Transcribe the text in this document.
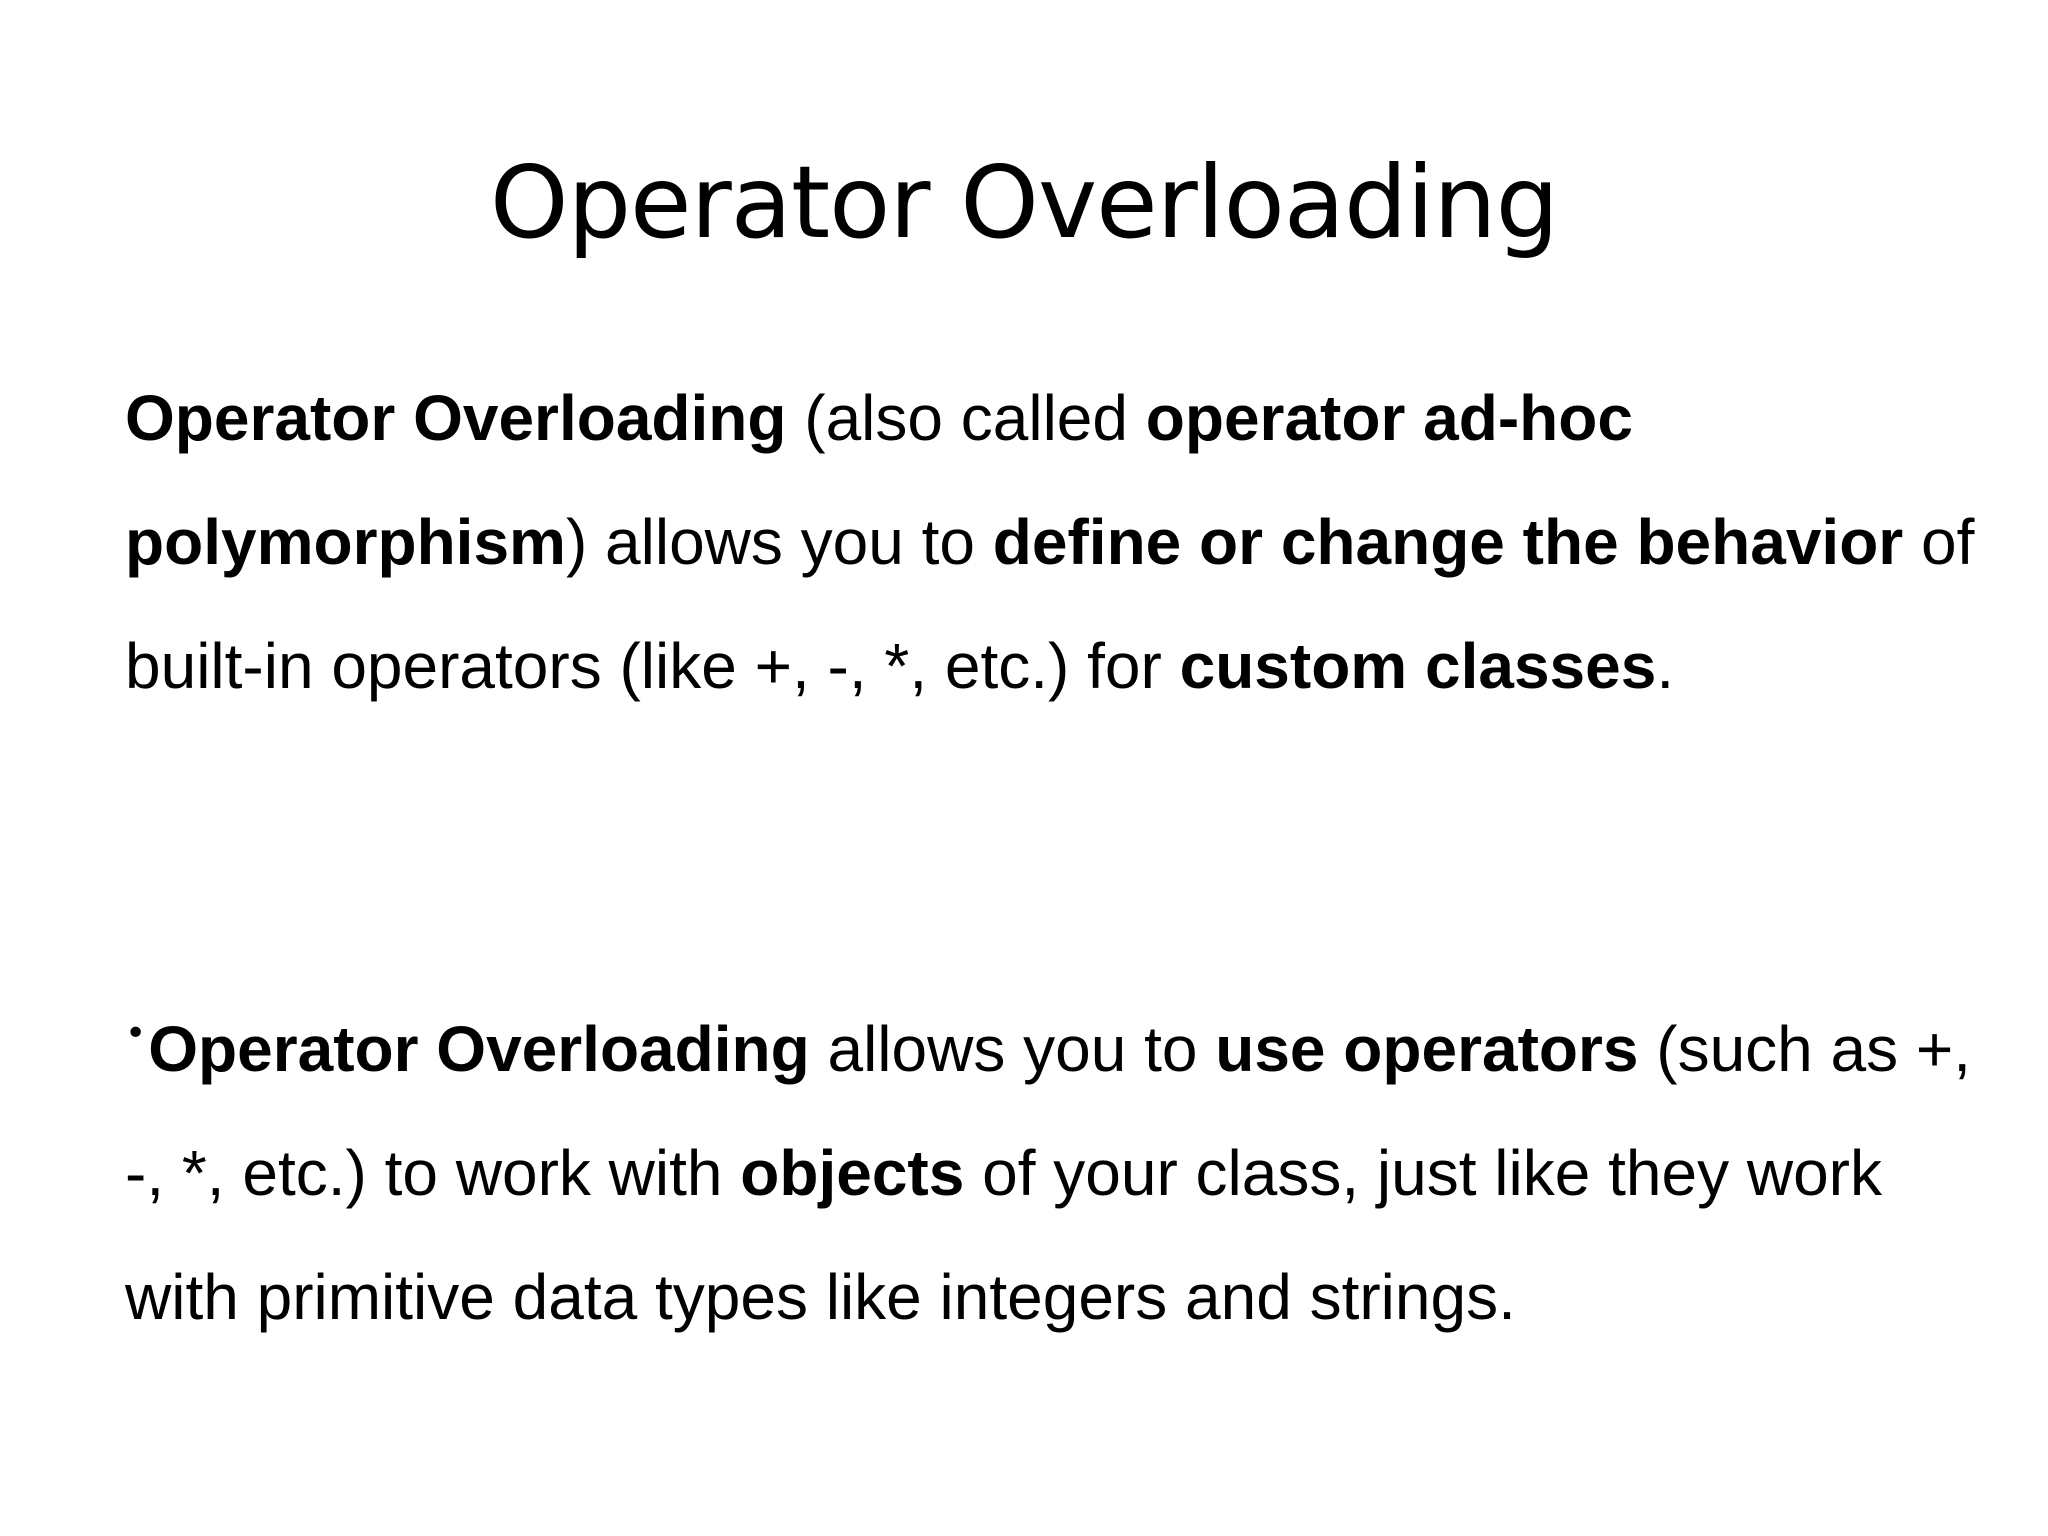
Operator Overloading

Operator Overloading (also called operator ad-hoc polymorphism) allows you to define or change the behavior of built-in operators (like +, -, *, etc.) for custom classes.

•Operator Overloading allows you to use operators (such as +, -, *, etc.) to work with objects of your class, just like they work with primitive data types like integers and strings.
